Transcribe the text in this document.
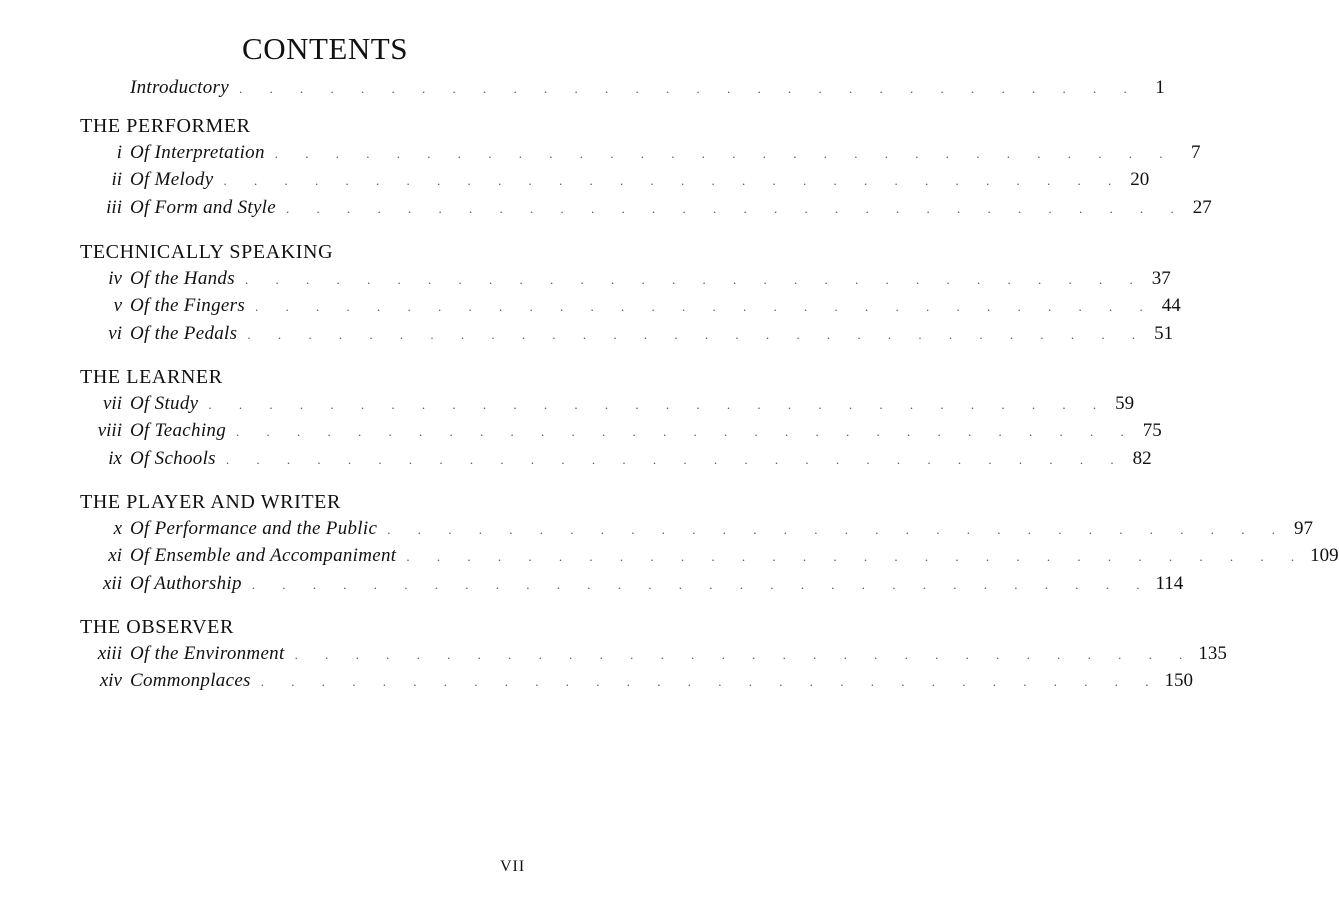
CONTENTS
Introductory . . . . . . . . . . . . . . . . . . . . . . . . . . . . . . 1
THE PERFORMER
i Of Interpretation . . . . . . . . . . . . . . . . . . . . . . . . . . . . . . 7
ii Of Melody . . . . . . . . . . . . . . . . . . . . . . . . . . . . . . 20
iii Of Form and Style . . . . . . . . . . . . . . . . . . . . . . . . . . . . . . 27
TECHNICALLY SPEAKING
iv Of the Hands . . . . . . . . . . . . . . . . . . . . . . . . . . . . . . 37
v Of the Fingers . . . . . . . . . . . . . . . . . . . . . . . . . . . . . . 44
vi Of the Pedals . . . . . . . . . . . . . . . . . . . . . . . . . . . . . . 51
THE LEARNER
vii Of Study . . . . . . . . . . . . . . . . . . . . . . . . . . . . . . 59
viii Of Teaching . . . . . . . . . . . . . . . . . . . . . . . . . . . . . . 75
ix Of Schools . . . . . . . . . . . . . . . . . . . . . . . . . . . . . . 82
THE PLAYER AND WRITER
x Of Performance and the Public . . . . . . . . . . . . . . . . . . . . . . . . . . . . . . 97
xi Of Ensemble and Accompaniment . . . . . . . . . . . . . . . . . . . . . . . . . . . . . . 109
xii Of Authorship . . . . . . . . . . . . . . . . . . . . . . . . . . . . . . 114
THE OBSERVER
xiii Of the Environment . . . . . . . . . . . . . . . . . . . . . . . . . . . . . . 135
xiv Commonplaces . . . . . . . . . . . . . . . . . . . . . . . . . . . . . . 150
VII
